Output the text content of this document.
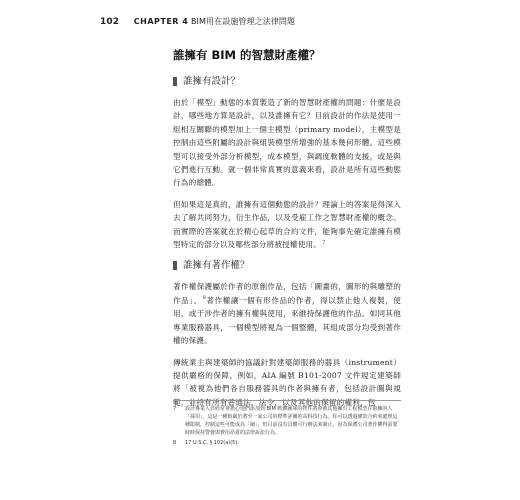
102 CHAPTER 4 BIM用在設施管理之法律問題
誰擁有 BIM 的智慧財產權？
誰擁有設計？

由於「模型」動態的本質製造了新的智慧財產權的問題：什麼是設計，哪些地方算是設計，以及誰擁有它？目前設計的作法是使用一組相互關聯的模型加上一個主模型（primary model），主模型是控制由這些附屬的設計與組裝模型所增強的基本幾何形體。這些模型可以接受外部分析模型，成本模型，與調度軟體的支援，或是與它們進行互動。就一個非常真實的意義來看，設計是所有這些動態行為的總體。

但如果這是真的，誰擁有這個動態的設計？理論上的答案是得深入去了解共同努力，衍生作品，以及受雇工作之智慧財產權的概念。而實際的答案就在於精心起草的合約文件，能夠事先確定誰擁有模型特定的部分以及哪些部分將被授權使用。$^7$

誰擁有著作權？

著作權保護屬於作者的原創作品，包括「圖畫的，圖形的與雕塑的作品」。$^8$著作權讓一個有形作品的作者，得以禁止他人複製，使用，或干涉作者的擁有權與使用，來維持保護他的作品。如同其他專業服務器具，一個模型將視為一個整體，其組成部分均受到著作權的保護。

傳統業主與建築師的協議針對建築師服務的器具（instrument）提供嚴格的保障。例如，AIA 編號 B101-2007 文件規定建築師將「被視為他們各自服務器具的作者與擁有者，包括設計圖與規範，並持有所有普通法，法令，以及其他的保留的權利，包

7	設計專業人員經常會擔心他們添加到 BIM 軟體圖庫的物件將會被其他擁有工程模型存取擁的人「採用」，這是一種較嚴於將至一家公司的標準詳圖的高科技行為。你可以透過條款合約來處理這種限制，控制這些可能成為「圖」，但目前沒有具體可行辦法來制止。因為保護公司著作權得需要時時保持警覺與費用昂貴的法律訴訟行為。
8	17 U.S.C. § 102(a)(5).
